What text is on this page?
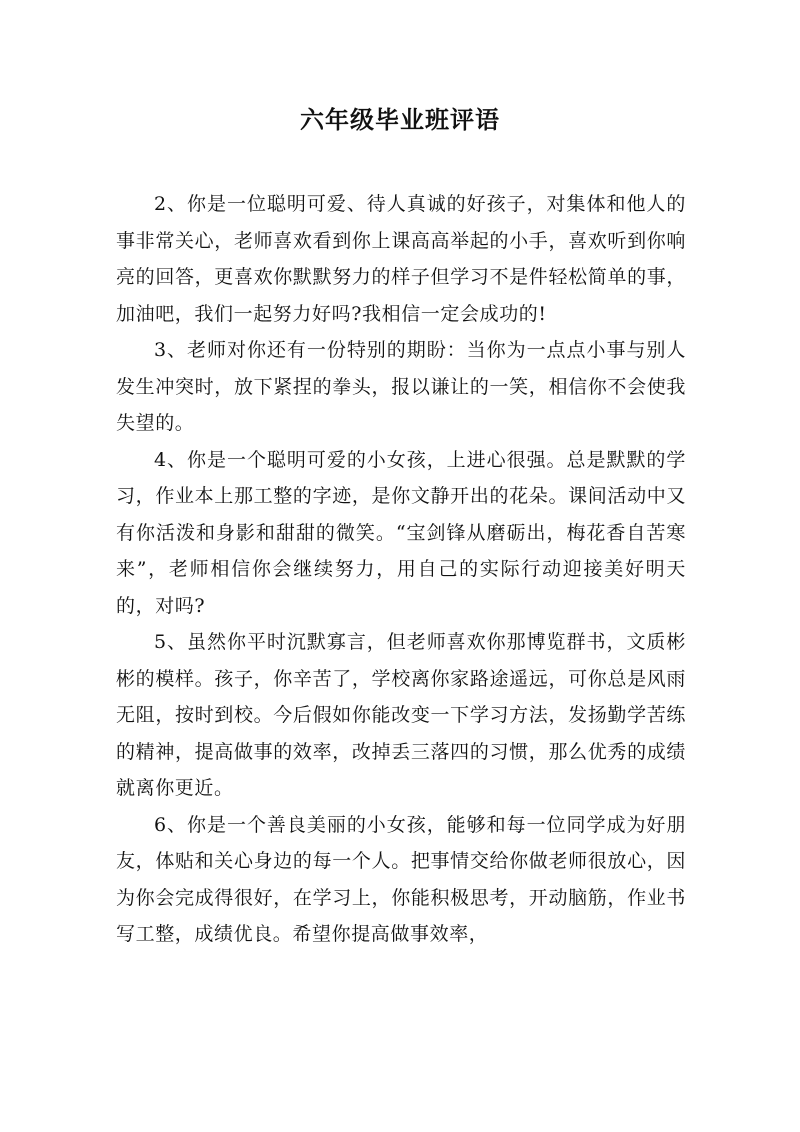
六年级毕业班评语

2、你是一位聪明可爱、待人真诚的好孩子，对集体和他人的事非常关心，老师喜欢看到你上课高高举起的小手，喜欢听到你响亮的回答，更喜欢你默默努力的样子但学习不是件轻松简单的事，加油吧，我们一起努力好吗?我相信一定会成功的!

3、老师对你还有一份特别的期盼：当你为一点点小事与别人发生冲突时，放下紧捏的拳头，报以谦让的一笑，相信你不会使我失望的。

4、你是一个聪明可爱的小女孩，上进心很强。总是默默的学习，作业本上那工整的字迹，是你文静开出的花朵。课间活动中又有你活泼和身影和甜甜的微笑。“宝剑锋从磨砺出，梅花香自苦寒来”，老师相信你会继续努力，用自己的实际行动迎接美好明天的，对吗?

5、虽然你平时沉默寡言，但老师喜欢你那博览群书，文质彬彬的模样。孩子，你辛苦了，学校离你家路途遥远，可你总是风雨无阻，按时到校。今后假如你能改变一下学习方法，发扬勤学苦练的精神，提高做事的效率，改掉丢三落四的习惯，那么优秀的成绩就离你更近。

6、你是一个善良美丽的小女孩，能够和每一位同学成为好朋友，体贴和关心身边的每一个人。把事情交给你做老师很放心，因为你会完成得很好，在学习上，你能积极思考，开动脑筋，作业书写工整，成绩优良。希望你提高做事效率，
